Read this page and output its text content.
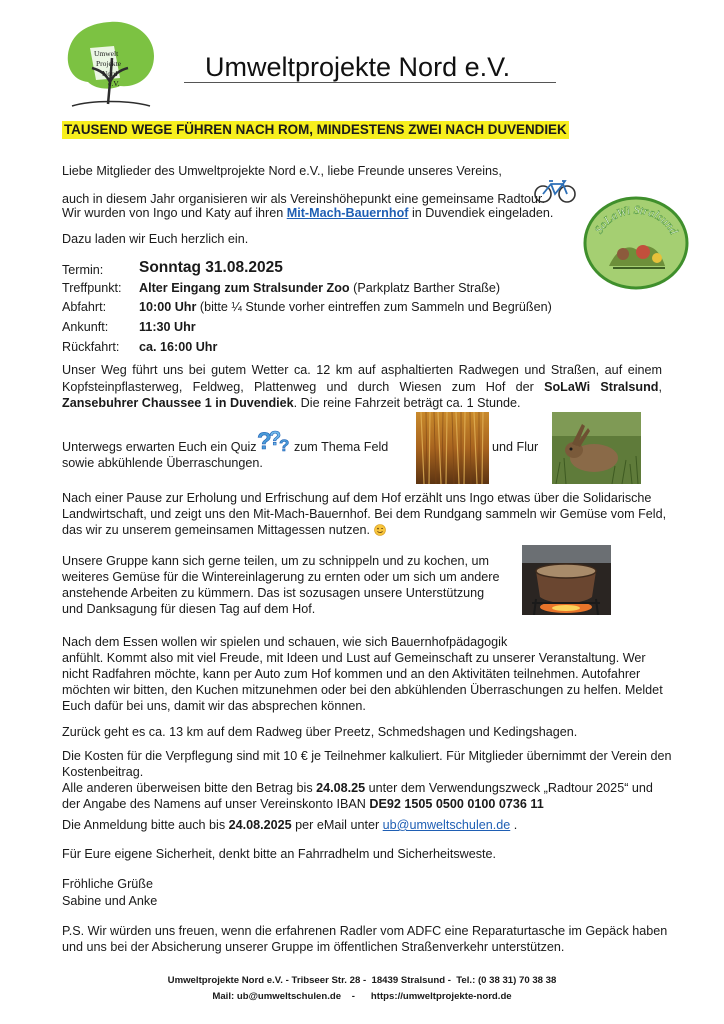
Umwelt
Projekte
Nord
e.V.
Umweltprojekte Nord e.V.
TAUSEND WEGE FÜHREN NACH ROM, MINDESTENS ZWEI NACH DUVENDIEK
Liebe Mitglieder des Umweltprojekte Nord e.V., liebe Freunde unseres Vereins,
auch in diesem Jahr organisieren wir als Vereinshöhepunkt eine gemeinsame Radtour.
Wir wurden von Ingo und Katy auf ihren Mit-Mach-Bauernhof in Duvendiek eingeladen.
Dazu laden wir Euch herzlich ein.
SoLaWi Stralsund
Termin: Sonntag 31.08.2025
Treffpunkt: Alter Eingang zum Stralsunder Zoo (Parkplatz Barther Straße)
Abfahrt:	10:00 Uhr (bitte ¼ Stunde vorher eintreffen zum Sammeln und Begrüßen)
Ankunft: 11:30 Uhr
Rückfahrt: ca. 16:00 Uhr
Unser Weg führt uns bei gutem Wetter ca. 12 km auf asphaltierten Radwegen und Straßen, auf einem
Kopfsteinpflasterweg, Feldweg, Plattenweg und durch Wiesen zum Hof der SoLaWi Stralsund,
Zansebuhrer Chaussee 1 in Duvendiek. Die reine Fahrzeit beträgt ca. 1 Stunde.
Unterwegs erwarten Euch ein Quiz ?
?
? zum Thema Feld	und Flur
sowie abkühlende Überraschungen.
Nach einer Pause zur Erholung und Erfrischung auf dem Hof erzählt uns Ingo etwas über die Solidarische
Landwirtschaft, und zeigt uns den Mit-Mach-Bauernhof. Bei dem Rundgang sammeln wir Gemüse vom Feld,
das wir zu unserem gemeinsamen Mittagessen nutzen.
Unsere Gruppe kann sich gerne teilen, um zu schnippeln und zu kochen, um
weiteres Gemüse für die Wintereinlagerung zu ernten oder um sich um andere
anstehende Arbeiten zu kümmern. Das ist sozusagen unsere Unterstützung
und Danksagung für diesen Tag auf dem Hof.
Nach dem Essen wollen wir spielen und schauen, wie sich Bauernhofpädagogik
anfühlt. Kommt also mit viel Freude, mit Ideen und Lust auf Gemeinschaft zu unserer Veranstaltung. Wer
nicht Radfahren möchte, kann per Auto zum Hof kommen und an den Aktivitäten teilnehmen. Autofahrer
möchten wir bitten, den Kuchen mitzunehmen oder bei den abkühlenden Überraschungen zu helfen. Meldet
Euch dafür bei uns, damit wir das absprechen können.
Zurück geht es ca. 13 km auf dem Radweg über Preetz, Schmedshagen und Kedingshagen.
Die Kosten für die Verpflegung sind mit 10 € je Teilnehmer kalkuliert. Für Mitglieder übernimmt der Verein den
Kostenbeitrag.
Alle anderen überweisen bitte den Betrag bis 24.08.25 unter dem Verwendungszweck „Radtour 2025“ und
der Angabe des Namens auf unser Vereinskonto IBAN DE92 1505 0500 0100 0736 11
Die Anmeldung bitte auch bis 24.08.2025 per eMail unter ub@umweltschulen.de .
Für Eure eigene Sicherheit, denkt bitte an Fahrradhelm und Sicherheitsweste.
Fröhliche Grüße
Sabine und Anke
P.S. Wir würden uns freuen, wenn die erfahrenen Radler vom ADFC eine Reparaturtasche im Gepäck haben
und uns bei der Absicherung unserer Gruppe im öffentlichen Straßenverkehr unterstützen.
Umweltprojekte Nord e.V. - Tribseer Str. 28 -  18439 Stralsund -  Tel.: (0 38 31) 70 38 38
Mail: ub@umweltschulen.de    -      https://umweltprojekte-nord.de
